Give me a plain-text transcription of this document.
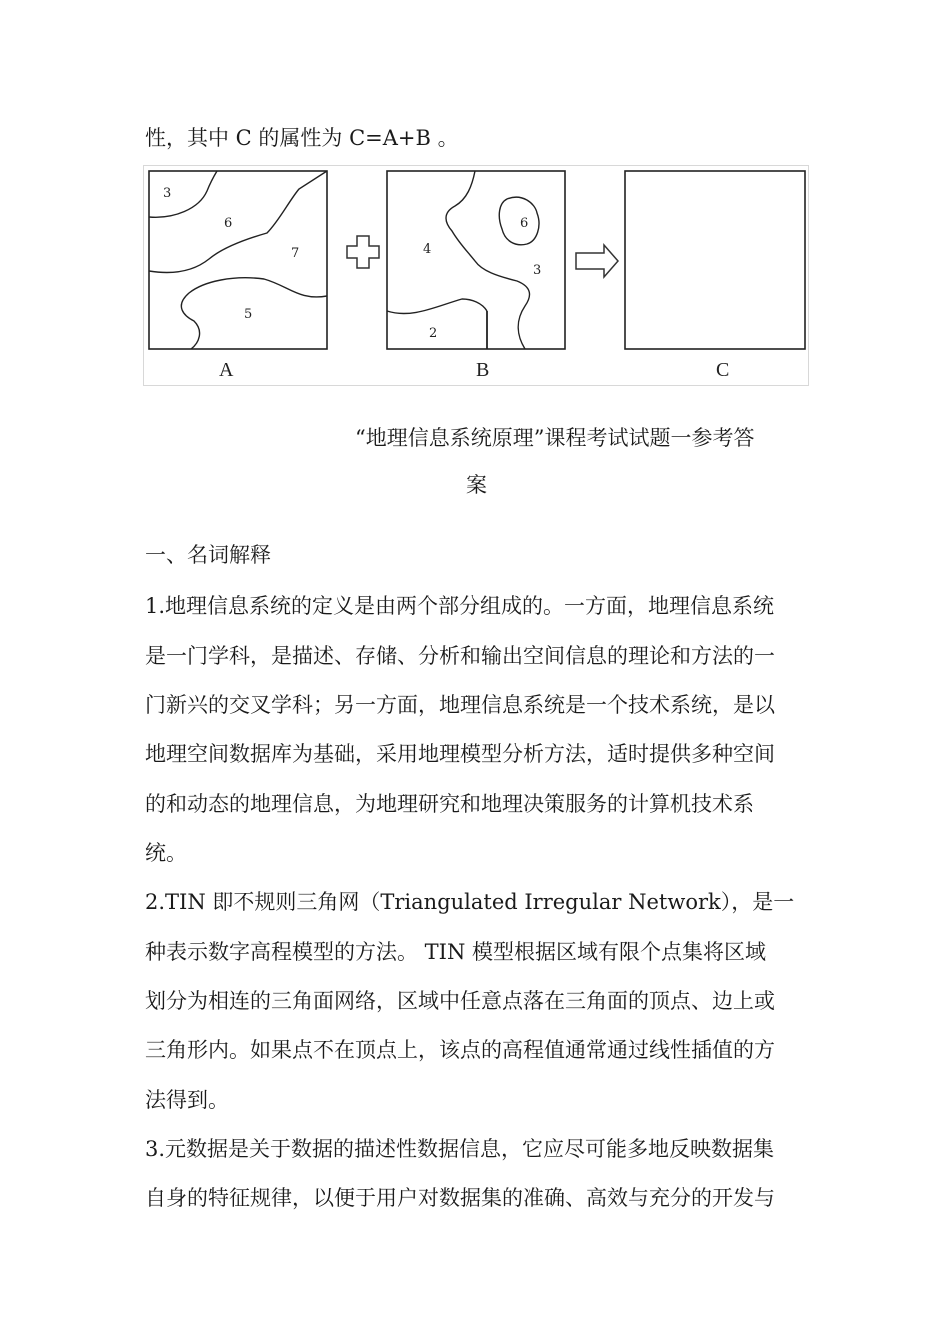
性，其中 C 的属性为 C=A+B 。
3
6
7
5
A
4
6
3
2
B	C
“地理信息系统原理”课程考试试题一参考答
案
一、名词解释
1.地理信息系统的定义是由两个部分组成的。一方面，地理信息系统
是一门学科，是描述、存储、分析和输出空间信息的理论和方法的一
门新兴的交叉学科；另一方面，地理信息系统是一个技术系统，是以
地理空间数据库为基础，采用地理模型分析方法，适时提供多种空间
的和动态的地理信息，为地理研究和地理决策服务的计算机技术系
统。
2.TIN 即不规则三角网（Triangulated Irregular Network），是一
种表示数字高程模型的方法。 TIN 模型根据区域有限个点集将区域
划分为相连的三角面网络，区域中任意点落在三角面的顶点、边上或
三角形内。如果点不在顶点上，该点的高程值通常通过线性插值的方
法得到。
3.元数据是关于数据的描述性数据信息，它应尽可能多地反映数据集
自身的特征规律，以便于用户对数据集的准确、高效与充分的开发与
